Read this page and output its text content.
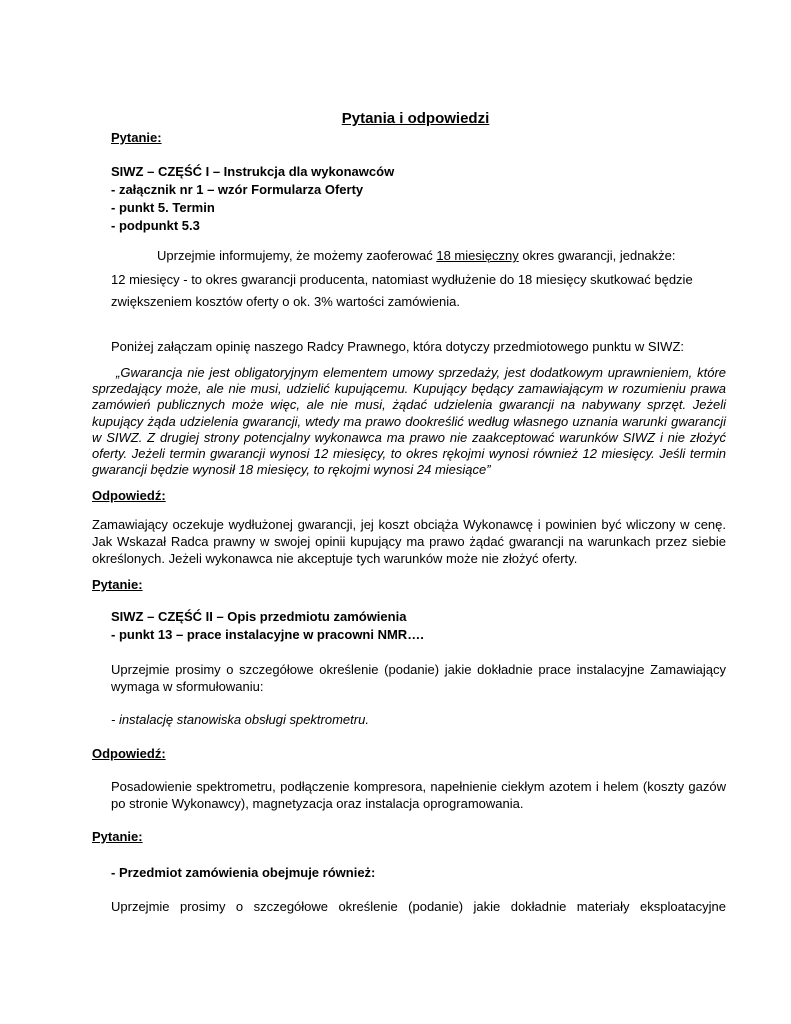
Pytania i odpowiedzi
Pytanie:
SIWZ – CZĘŚĆ I – Instrukcja dla wykonawców
- załącznik nr 1 – wzór Formularza Oferty
- punkt 5. Termin
- podpunkt 5.3
Uprzejmie informujemy, że możemy zaoferować 18 miesięczny okres gwarancji, jednakże:
12 miesięcy - to okres gwarancji producenta, natomiast wydłużenie do 18 miesięcy skutkować będzie
zwiększeniem kosztów oferty o ok. 3% wartości zamówienia.
Poniżej załączam opinię naszego Radcy Prawnego, która dotyczy przedmiotowego punktu w SIWZ:
„Gwarancja nie jest obligatoryjnym elementem umowy sprzedaży, jest dodatkowym uprawnieniem, które
sprzedający może, ale nie musi, udzielić kupującemu. Kupujący będący zamawiającym w rozumieniu prawa
zamówień publicznych może więc, ale nie musi, żądać udzielenia gwarancji na nabywany sprzęt. Jeżeli
kupujący żąda udzielenia gwarancji, wtedy ma prawo dookreślić według własnego uznania warunki gwarancji
w SIWZ. Z drugiej strony potencjalny wykonawca ma prawo nie zaakceptować warunków SIWZ i nie złożyć
oferty. Jeżeli termin gwarancji wynosi 12 miesięcy, to okres rękojmi wynosi również 12 miesięcy. Jeśli termin
gwarancji będzie wynosił 18 miesięcy, to rękojmi wynosi 24 miesiące”
Odpowiedź:
Zamawiający oczekuje wydłużonej gwarancji, jej koszt obciąża Wykonawcę i powinien być wliczony w cenę.
Jak Wskazał Radca prawny w swojej opinii kupujący ma prawo żądać gwarancji na warunkach przez siebie
określonych. Jeżeli wykonawca nie akceptuje tych warunków może nie złożyć oferty.
Pytanie:
SIWZ – CZĘŚĆ II – Opis przedmiotu zamówienia
- punkt 13 – prace instalacyjne w pracowni NMR….
Uprzejmie prosimy o szczegółowe określenie (podanie) jakie dokładnie prace instalacyjne Zamawiający
wymaga w sformułowaniu:
- instalację stanowiska obsługi spektrometru.
Odpowiedź:
Posadowienie spektrometru, podłączenie kompresora, napełnienie ciekłym azotem i helem (koszty gazów
po stronie Wykonawcy), magnetyzacja oraz instalacja oprogramowania.
Pytanie:
- Przedmiot zamówienia obejmuje również:
Uprzejmie prosimy o szczegółowe określenie (podanie) jakie dokładnie materiały eksploatacyjne
